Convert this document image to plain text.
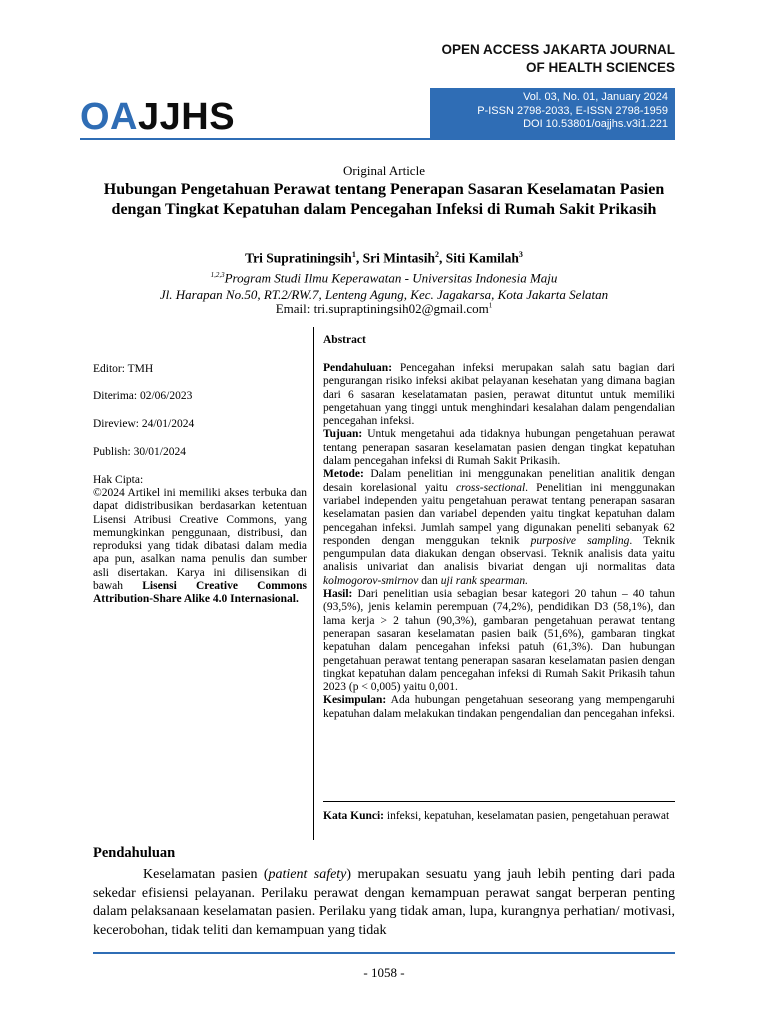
OPEN ACCESS JAKARTA JOURNAL
OF HEALTH SCIENCES
OAJJHS	Vol. 03, No. 01, January 2024
P-ISSN 2798-2033, E-ISSN 2798-1959
DOI 10.53801/oajjhs.v3i1.221
Original Article
Hubungan Pengetahuan Perawat tentang Penerapan Sasaran Keselamatan Pasien dengan Tingkat Kepatuhan dalam Pencegahan Infeksi di Rumah Sakit Prikasih
Tri Supratiningsih$^1$, Sri Mintasih$^2$, Siti Kamilah$^3$
$^{1,2,3}$Program Studi Ilmu Keperawatan - Universitas Indonesia Maju
Jl. Harapan No.50, RT.2/RW.7, Lenteng Agung, Kec. Jagakarsa, Kota Jakarta Selatan
Email: tri.supraptiningsih02@gmail.com$^1$
Editor: TMH
Diterima: 02/06/2023
Direview: 24/01/2024
Publish: 30/01/2024
Hak Cipta:
©2024 Artikel ini memiliki akses terbuka dan dapat didistribusikan berdasarkan ketentuan Lisensi Atribusi Creative Commons, yang memungkinkan penggunaan, distribusi, dan reproduksi yang tidak dibatasi dalam media apa pun, asalkan nama penulis dan sumber asli disertakan. Karya ini dilisensikan di bawah Lisensi Creative Commons Attribution-Share Alike 4.0 Internasional.
Abstract
Pendahuluan: Pencegahan infeksi merupakan salah satu bagian dari pengurangan risiko infeksi akibat pelayanan kesehatan yang dimana bagian dari 6 sasaran keselatamatan pasien, perawat dituntut untuk memiliki pengetahuan yang tinggi untuk menghindari kesalahan dalam pengendalian pencegahan infeksi.
Tujuan: Untuk mengetahui ada tidaknya hubungan pengetahuan perawat tentang penerapan sasaran keselamatan pasien dengan tingkat kepatuhan dalam pencegahan infeksi di Rumah Sakit Prikasih.
Metode: Dalam penelitian ini menggunakan penelitian analitik dengan desain korelasional yaitu cross-sectional. Penelitian ini menggunakan variabel independen yaitu pengetahuan perawat tentang penerapan sasaran keselamatan pasien dan variabel dependen yaitu tingkat kepatuhan dalam pencegahan infeksi. Jumlah sampel yang digunakan peneliti sebanyak 62 responden dengan menggukan teknik purposive sampling. Teknik pengumpulan data diakukan dengan observasi. Teknik analisis data yaitu analisis univariat dan analisis bivariat dengan uji normalitas data kolmogorov-smirnov dan uji rank spearman.
Hasil: Dari penelitian usia sebagian besar kategori 20 tahun – 40 tahun (93,5%), jenis kelamin perempuan (74,2%), pendidikan D3 (58,1%), dan lama kerja > 2 tahun (90,3%), gambaran pengetahuan perawat tentang penerapan sasaran keselamatan pasien baik (51,6%), gambaran tingkat kepatuhan dalam pencegahan infeksi patuh (61,3%). Dan hubungan pengetahuan perawat tentang penerapan sasaran keselamatan pasien dengan tingkat kepatuhan dalam pencegahan infeksi di Rumah Sakit Prikasih tahun 2023 (p < 0,005) yaitu 0,001.
Kesimpulan: Ada hubungan pengetahuan seseorang yang mempengaruhi kepatuhan dalam melakukan tindakan pengendalian dan pencegahan infeksi.
Kata Kunci: infeksi, kepatuhan, keselamatan pasien, pengetahuan perawat
Pendahuluan
Keselamatan pasien (patient safety) merupakan sesuatu yang jauh lebih penting dari pada sekedar efisiensi pelayanan. Perilaku perawat dengan kemampuan perawat sangat berperan penting dalam pelaksanaan keselamatan pasien. Perilaku yang tidak aman, lupa, kurangnya perhatian/ motivasi, kecerobohan, tidak teliti dan kemampuan yang tidak
- 1058 -
